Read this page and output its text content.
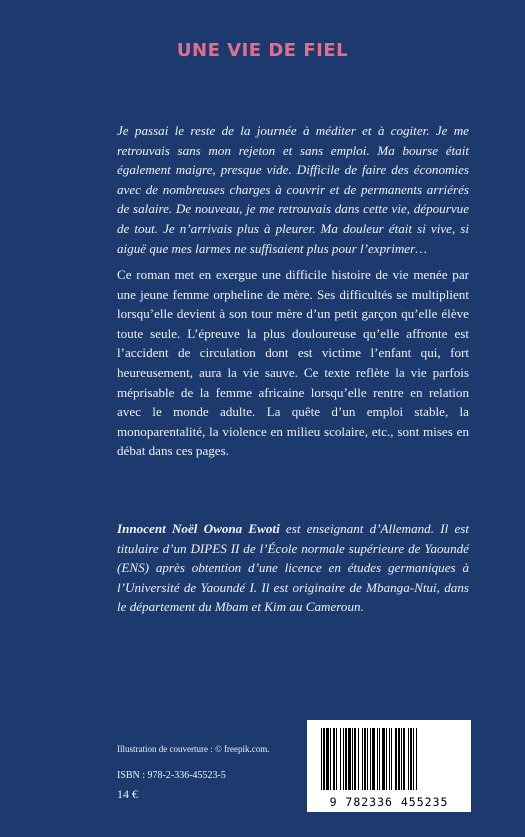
UNE VIE DE FIEL
Je passai le reste de la journée à méditer et à cogiter. Je me retrouvais sans mon rejeton et sans emploi. Ma bourse était également maigre, presque vide. Difficile de faire des économies avec de nombreuses charges à couvrir et de permanents arriérés de salaire. De nouveau, je me retrouvais dans cette vie, dépourvue de tout. Je n’arrivais plus à pleurer. Ma douleur était si vive, si aiguë que mes larmes ne suffisaient plus pour l’exprimer…
Ce roman met en exergue une difficile histoire de vie menée par une jeune femme orpheline de mère. Ses difficultés se multiplient lorsqu’elle devient à son tour mère d’un petit garçon qu’elle élève toute seule. L’épreuve la plus douloureuse qu’elle affronte est l’accident de circulation dont est victime l’enfant qui, fort heureusement, aura la vie sauve. Ce texte reflète la vie parfois méprisable de la femme africaine lorsqu’elle rentre en relation avec le monde adulte. La quête d’un emploi stable, la monoparentalité, la violence en milieu scolaire, etc., sont mises en débat dans ces pages.
Innocent Noël Owona Ewoti est enseignant d’Allemand. Il est titulaire d’un DIPES II de l’École normale supérieure de Yaoundé (ENS) après obtention d’une licence en études germaniques à l’Université de Yaoundé I. Il est originaire de Mbanga-Ntui, dans le département du Mbam et Kim au Cameroun.
Illustration de couverture : © freepik.com.
ISBN : 978-2-336-45523-5
14 €
9 782336 455235
